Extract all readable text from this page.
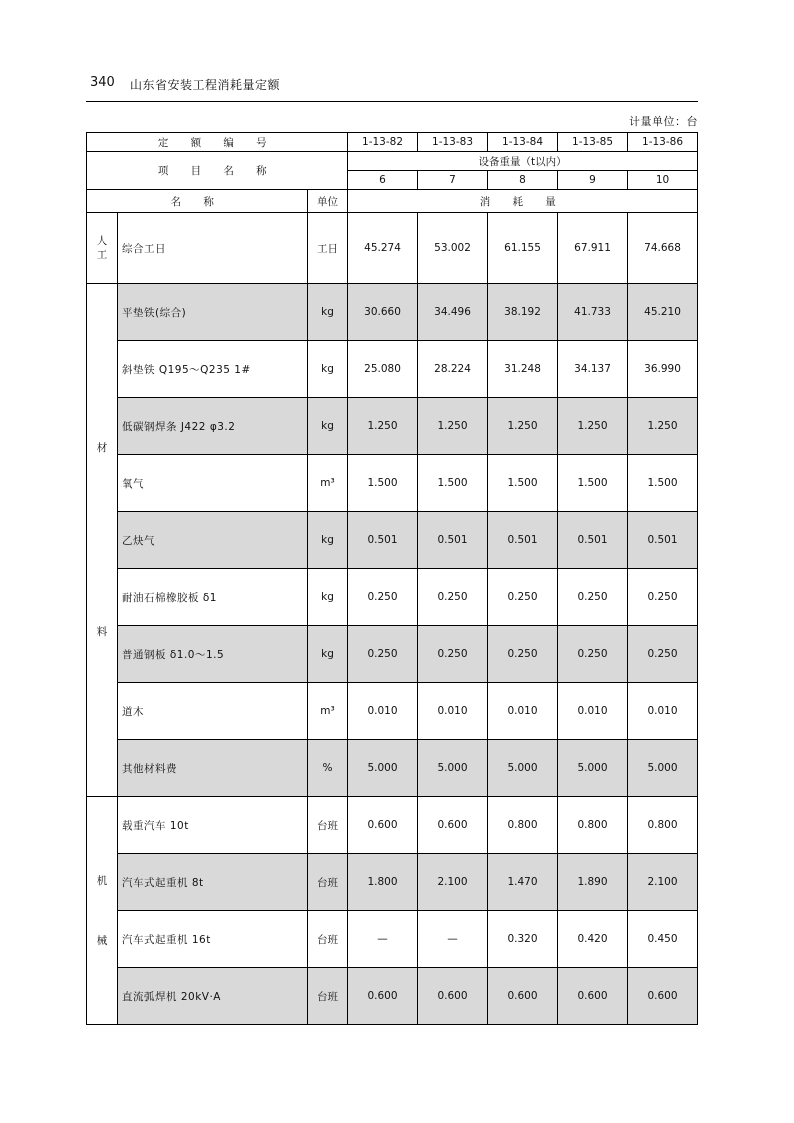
340 山东省安装工程消耗量定额
计量单位：台
定 额 编 号			1-13-82	1-13-83	1-13-84	1-13-85	1-13-86
项 目 名 称			设备重量（t以内）				
			6	7	8	9	10
名 称		单位	消 耗 量				

人
工	综合工日	工日	45.274	53.002	61.155	67.911	74.668

材
料	平垫铁(综合)	kg	30.660	34.496	38.192	41.733	45.210
	斜垫铁 Q195～Q235 1#	kg	25.080	28.224	31.248	34.137	36.990
	低碳钢焊条 J422 φ3.2	kg	1.250	1.250	1.250	1.250	1.250
	氧气	m³	1.500	1.500	1.500	1.500	1.500
	乙炔气	kg	0.501	0.501	0.501	0.501	0.501
	耐油石棉橡胶板 δ1	kg	0.250	0.250	0.250	0.250	0.250
	普通钢板 δ1.0～1.5	kg	0.250	0.250	0.250	0.250	0.250
	道木	m³	0.010	0.010	0.010	0.010	0.010
	其他材料费	%	5.000	5.000	5.000	5.000	5.000

机
械	载重汽车 10t	台班	0.600	0.600	0.800	0.800	0.800
	汽车式起重机 8t	台班	1.800	2.100	1.470	1.890	2.100
	汽车式起重机 16t	台班	—	—	0.320	0.420	0.450
	直流弧焊机 20kV·A	台班	0.600	0.600	0.600	0.600	0.600
